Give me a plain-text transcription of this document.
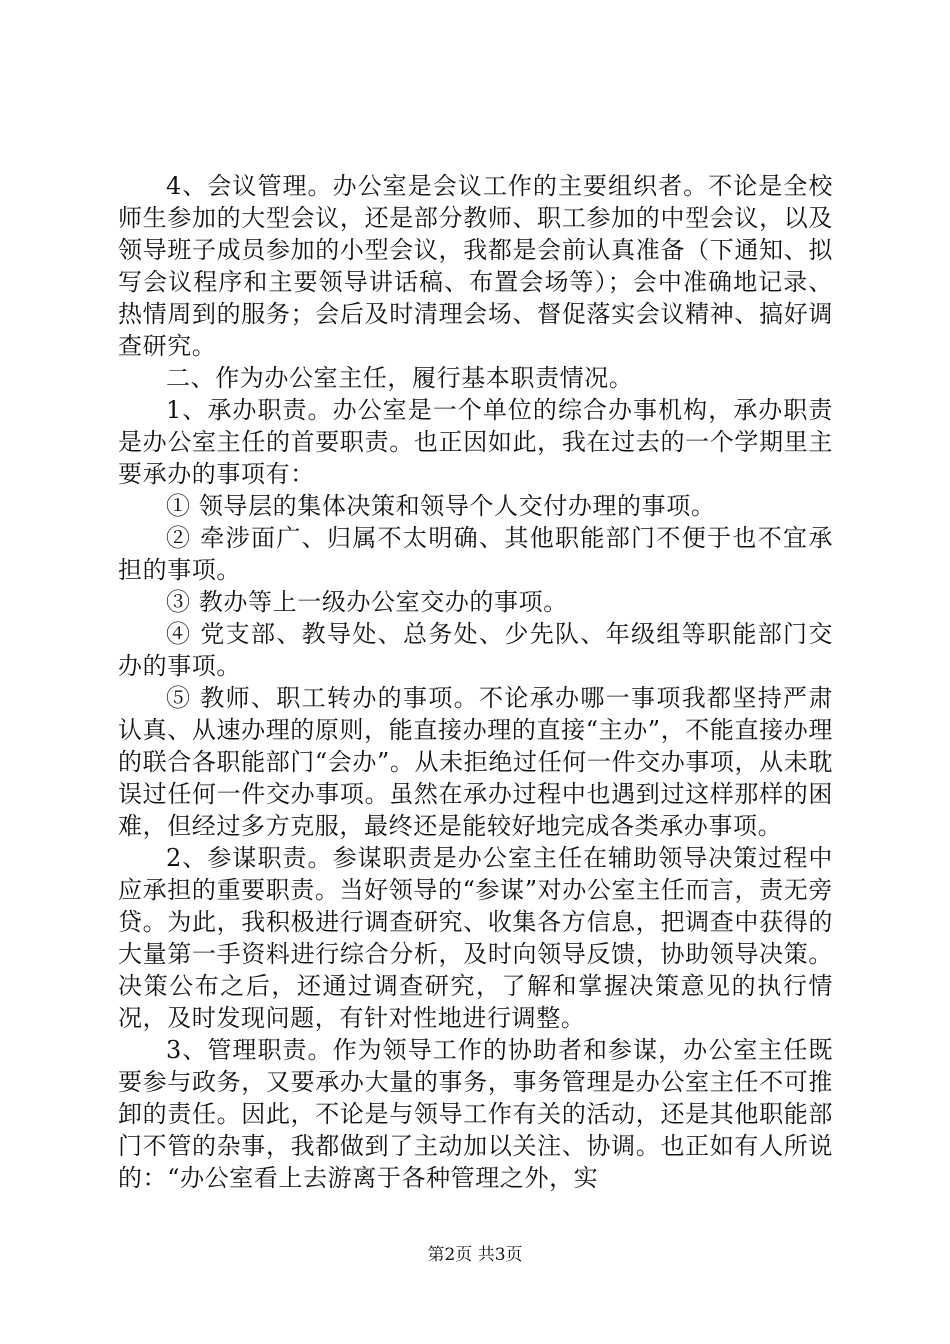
4、会议管理。办公室是会议工作的主要组织者。不论是全校师生参加的大型会议，还是部分教师、职工参加的中型会议，以及领导班子成员参加的小型会议，我都是会前认真准备（下通知、拟写会议程序和主要领导讲话稿、布置会场等）；会中准确地记录、热情周到的服务；会后及时清理会场、督促落实会议精神、搞好调查研究。

二、作为办公室主任，履行基本职责情况。

1、承办职责。办公室是一个单位的综合办事机构，承办职责是办公室主任的首要职责。也正因如此，我在过去的一个学期里主要承办的事项有：

① 领导层的集体决策和领导个人交付办理的事项。

② 牵涉面广、归属不太明确、其他职能部门不便于也不宜承担的事项。

③ 教办等上一级办公室交办的事项。

④ 党支部、教导处、总务处、少先队、年级组等职能部门交办的事项。

⑤ 教师、职工转办的事项。不论承办哪一事项我都坚持严肃认真、从速办理的原则，能直接办理的直接“主办”，不能直接办理的联合各职能部门“会办”。从未拒绝过任何一件交办事项，从未耽误过任何一件交办事项。虽然在承办过程中也遇到过这样那样的困难，但经过多方克服，最终还是能较好地完成各类承办事项。

2、参谋职责。参谋职责是办公室主任在辅助领导决策过程中应承担的重要职责。当好领导的“参谋”对办公室主任而言，责无旁贷。为此，我积极进行调查研究、收集各方信息，把调查中获得的大量第一手资料进行综合分析，及时向领导反馈，协助领导决策。决策公布之后，还通过调查研究，了解和掌握决策意见的执行情况，及时发现问题，有针对性地进行调整。

3、管理职责。作为领导工作的协助者和参谋，办公室主任既要参与政务，又要承办大量的事务，事务管理是办公室主任不可推卸的责任。因此，不论是与领导工作有关的活动，还是其他职能部门不管的杂事，我都做到了主动加以关注、协调。也正如有人所说的：“办公室看上去游离于各种管理之外，实

第2页 共3页
